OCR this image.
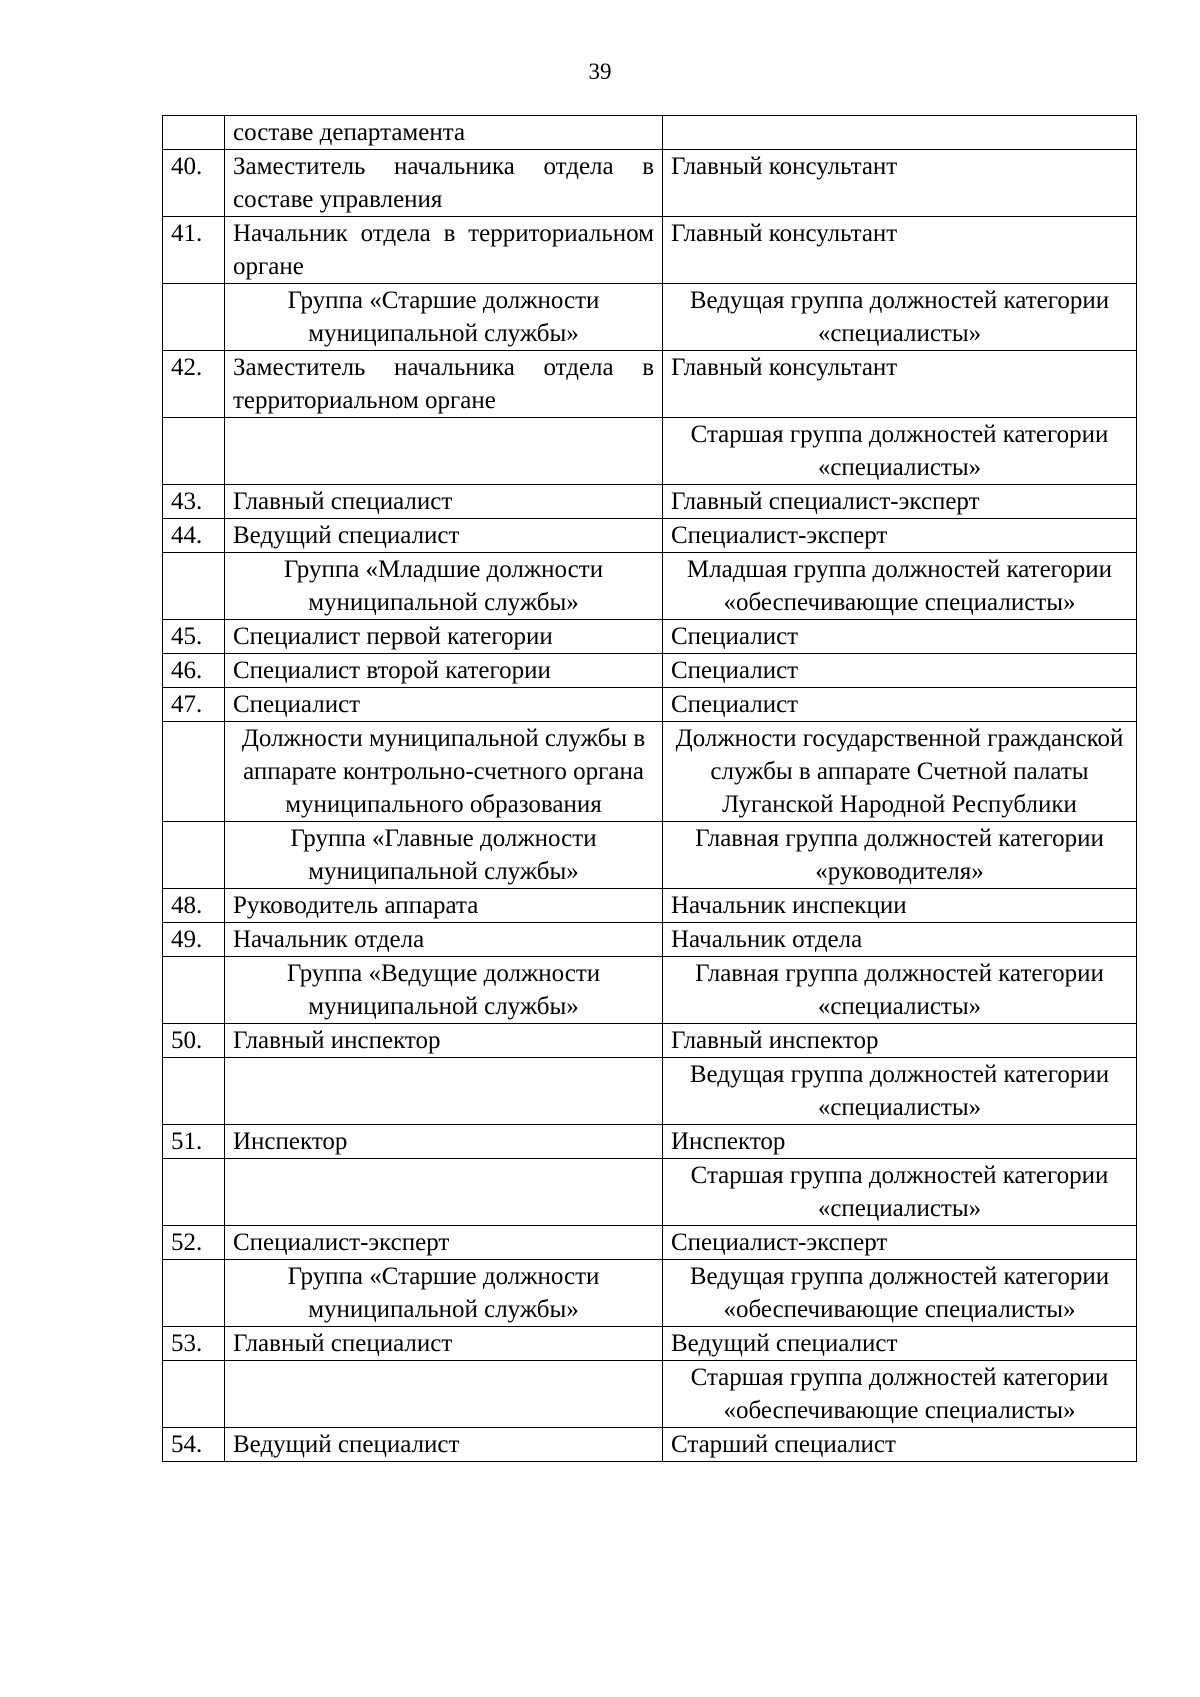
39
	составе департамента	
40.	Заместитель начальника отдела в составе управления	Главный консультант
41.	Начальник отдела в территориальном органе	Главный консультант
	Группа «Старшие должности муниципальной службы»	Ведущая группа должностей категории «специалисты»
42.	Заместитель начальника отдела в территориальном органе	Главный консультант
		Старшая группа должностей категории «специалисты»
43.	Главный специалист	Главный специалист-эксперт
44.	Ведущий специалист	Специалист-эксперт
	Группа «Младшие должности муниципальной службы»	Младшая группа должностей категории «обеспечивающие специалисты»
45.	Специалист первой категории	Специалист
46.	Специалист второй категории	Специалист
47.	Специалист	Специалист
	Должности муниципальной службы в аппарате контрольно-счетного органа муниципального образования	Должности государственной гражданской службы в аппарате Счетной палаты Луганской Народной Республики
	Группа «Главные должности муниципальной службы»	Главная группа должностей категории «руководителя»
48.	Руководитель аппарата	Начальник инспекции
49.	Начальник отдела	Начальник отдела
	Группа «Ведущие должности муниципальной службы»	Главная группа должностей категории «специалисты»
50.	Главный инспектор	Главный инспектор
		Ведущая группа должностей категории «специалисты»
51.	Инспектор	Инспектор
		Старшая группа должностей категории «специалисты»
52.	Специалист-эксперт	Специалист-эксперт
	Группа «Старшие должности муниципальной службы»	Ведущая группа должностей категории «обеспечивающие специалисты»
53.	Главный специалист	Ведущий специалист
		Старшая группа должностей категории «обеспечивающие специалисты»
54.	Ведущий специалист	Старший специалист
